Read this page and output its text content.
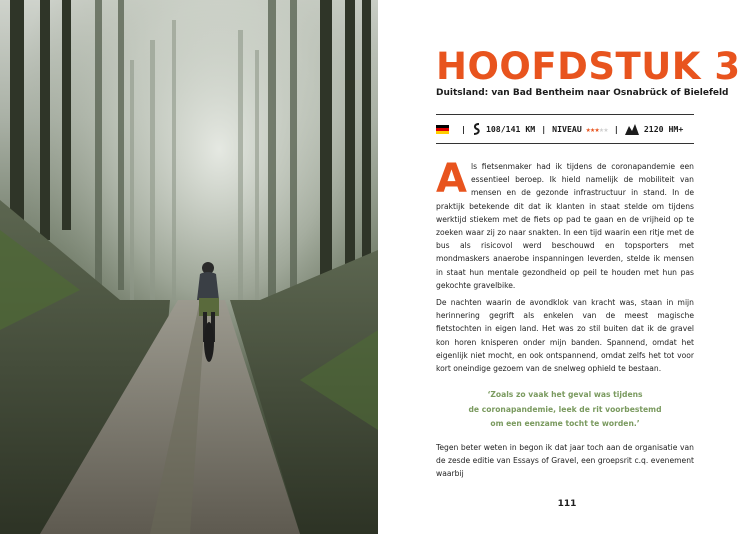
HOOFDSTUK 3

Duitsland: van Bad Bentheim naar Osnabrück of Bielefeld

| 108/141 KM | NIVEAU ★★★★★ |	2120 HM+

Als fietsenmaker had ik tijdens de coronapandemie een essentieel beroep. Ik hield namelijk de mobiliteit van mensen en de gezonde infrastructuur in stand. In de praktijk betekende dit dat ik klanten in staat stelde om tijdens werktijd stiekem met de fiets op pad te gaan en de vrijheid op te zoeken waar zij zo naar snakten. In een tijd waarin een ritje met de bus als risicovol werd beschouwd en topsporters met mondmaskers anaerobe inspanningen leverden, stelde ik mensen in staat hun mentale gezondheid op peil te houden met hun pas gekochte gravelbike.

De nachten waarin de avondklok van kracht was, staan in mijn herinnering gegrift als enkelen van de meest magische fietstochten in eigen land. Het was zo stil buiten dat ik de gravel kon horen knisperen onder mijn banden. Spannend, omdat het eigenlijk niet mocht, en ook ontspannend, omdat zelfs het tot voor kort oneindige gezoem van de snelweg ophield te bestaan.

‘Zoals zo vaak het geval was tijdens
de coronapandemie, leek de rit voorbestemd
om een eenzame tocht te worden.’

Tegen beter weten in begon ik dat jaar toch aan de organisatie van de zesde editie van Essays of Gravel, een groepsrit c.q. evenement waarbij

111
